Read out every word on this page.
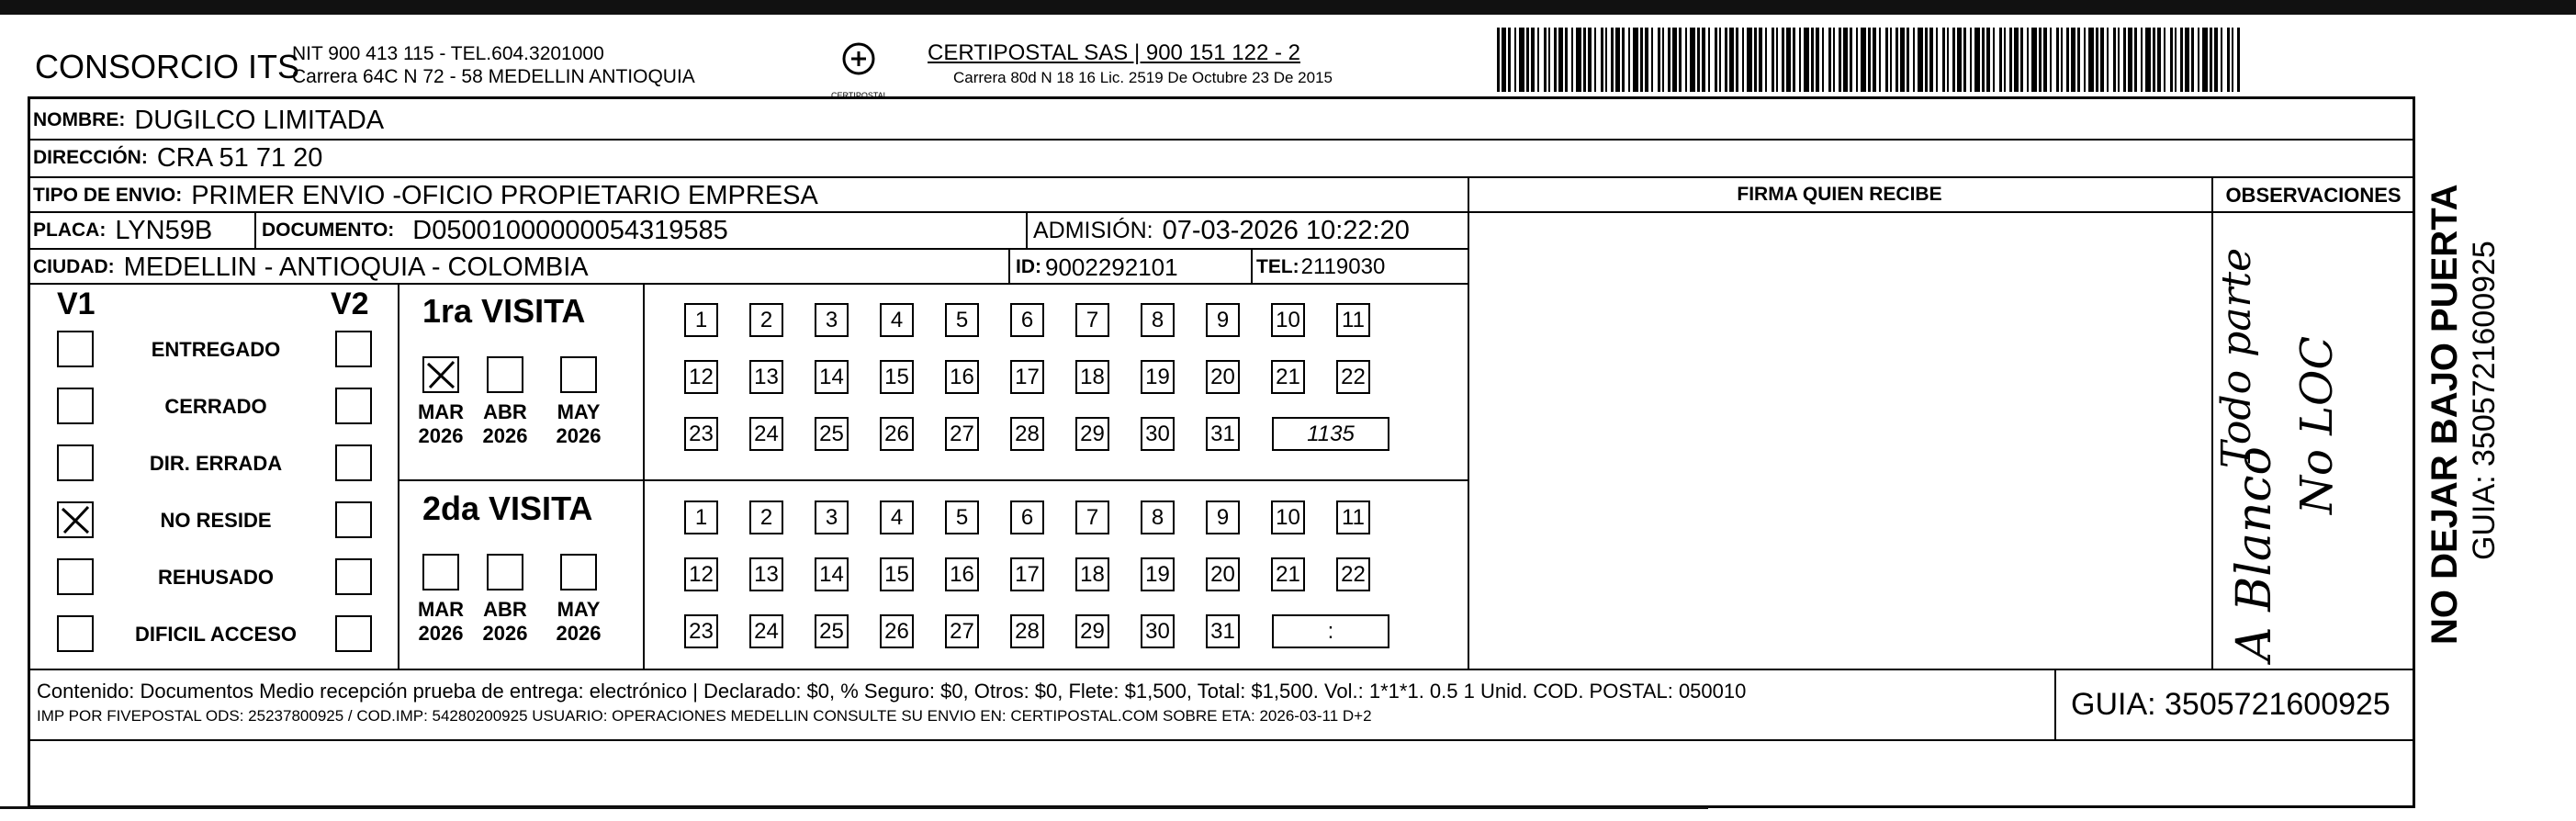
CONSORCIO ITS
NIT 900 413 115 - TEL.604.3201000
Carrera 64C N 72 - 58 MEDELLIN ANTIOQUIA
CERTIPOSTAL
CERTIPOSTAL SAS | 900 151 122 - 2
Carrera 80d N 18 16 Lic. 2519 De Octubre 23 De 2015
NOMBRE: DUGILCO LIMITADA
DIRECCIÓN: CRA 51 71 20
TIPO DE ENVIO: PRIMER ENVIO -OFICIO PROPIETARIO EMPRESA
PLACA: LYN59B	DOCUMENTO: D05001000000054319585	ADMISIÓN: 07-03-2026 10:22:20
CIUDAD: MEDELLIN - ANTIOQUIA - COLOMBIA	ID: 9002292101	TEL: 2119030
FIRMA QUIEN RECIBE	OBSERVACIONES
A Blanco
No LOC
Todo parte	NO DEJAR BAJO PUERTA GUIA: 3505721600925
V1	V2
ENTREGADO
CERRADO
DIR. ERRADA
NO RESIDE
REHUSADO
DIFICIL ACCESO
1ra VISITA
2da VISITA
MAR
2026
ABR
2026
MAY
2026
1	2	3	4	5	6	7	8	9	10 11
12 13 14 15 16 17 18 19 20 21 22
23 24 25 26 27 28 29 30 31	1135
MAR
2026
ABR
2026
MAY
2026
1	2	3	4	5	6	7	8	9	10 11
12 13 14 15 16 17 18 19 20 21 22
23 24 25 26 27 28 29 30 31	:
Contenido: Documentos Medio recepción prueba de entrega: electrónico | Declarado: $0, % Seguro: $0, Otros: $0, Flete: $1,500, Total: $1,500. Vol.: 1*1*1. 0.5 1 Unid. COD. POSTAL: 050010
IMP POR FIVEPOSTAL ODS: 25237800925 / COD.IMP: 54280200925 USUARIO: OPERACIONES MEDELLIN CONSULTE SU ENVIO EN: CERTIPOSTAL.COM SOBRE ETA: 2026-03-11 D+2	GUIA: 3505721600925
